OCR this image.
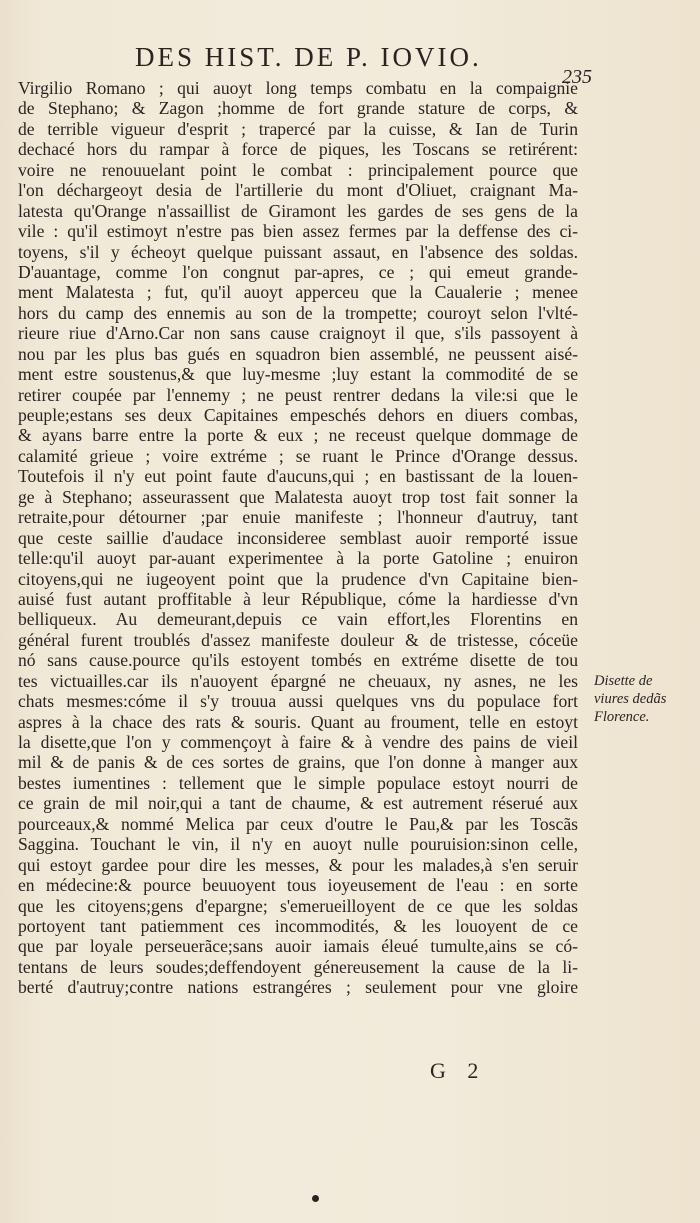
DES HIST. DE P. IOVIO.
235
Virgilio Romano ; qui auoyt long temps combatu en la compaignie
de Stephano; & Zagon ;homme de fort grande stature de corps, &
de terrible vigueur d'esprit ; trapercé par la cuisse, & Ian de Turin
dechacé hors du rampar à force de piques, les Toscans se retirérent:
voire ne renouuelant point le combat : principalement pource que
l'on déchargeoyt desia de l'artillerie du mont d'Oliuet, craignant Ma-
latesta qu'Orange n'assaillist de Giramont les gardes de ses gens de la
vile : qu'il estimoyt n'estre pas bien assez fermes par la deffense des ci-
toyens, s'il y écheoyt quelque puissant assaut, en l'absence des soldas.
D'auantage, comme l'on congnut par-apres, ce ; qui emeut grande-
ment Malatesta ; fut, qu'il auoyt apperceu que la Caualerie ; menee
hors du camp des ennemis au son de la trompette; couroyt selon l'vlté-
rieure riue d'Arno.Car non sans cause craignoyt il que, s'ils passoyent à
nou par les plus bas gués en squadron bien assemblé, ne peussent aisé-
ment estre soustenus,& que luy-mesme ;luy estant la commodité de se
retirer coupée par l'ennemy ; ne peust rentrer dedans la vile:si que le
peuple;estans ses deux Capitaines empeschés dehors en diuers combas,
& ayans barre entre la porte & eux ; ne receust quelque dommage de
calamité grieue ; voire extréme ; se ruant le Prince d'Orange dessus.
Toutefois il n'y eut point faute d'aucuns,qui ; en bastissant de la louen-
ge à Stephano; asseurassent que Malatesta auoyt trop tost fait sonner la
retraite,pour détourner ;par enuie manifeste ; l'honneur d'autruy, tant
que ceste saillie d'audace inconsideree semblast auoir remporté issue
telle:qu'il auoyt par-auant experimentee à la porte Gatoline ; enuiron
citoyens,qui ne iugeoyent point que la prudence d'vn Capitaine bien-
auisé fust autant proffitable à leur République, cóme la hardiesse d'vn
belliqueux. Au demeurant,depuis ce vain effort,les Florentins en
général furent troublés d'assez manifeste douleur & de tristesse, cóceüe
nó sans cause.pource qu'ils estoyent tombés en extréme disette de tou
tes victuailles.car ils n'auoyent épargné ne cheuaux, ny asnes, ne les
chats mesmes:cóme il s'y trouua aussi quelques vns du populace fort
aspres à la chace des rats & souris. Quant au froument, telle en estoyt
la disette,que l'on y commençoyt à faire & à vendre des pains de vieil
mil & de panis & de ces sortes de grains, que l'on donne à manger aux
bestes iumentines : tellement que le simple populace estoyt nourri de
ce grain de mil noir,qui a tant de chaume, & est autrement réserué aux
pourceaux,& nommé Melica par ceux d'outre le Pau,& par les Toscãs
Saggina. Touchant le vin, il n'y en auoyt nulle pouruision:sinon celle,
qui estoyt gardee pour dire les messes, & pour les malades,à s'en seruir
en médecine:& pource beuuoyent tous ioyeusement de l'eau : en sorte
que les citoyens;gens d'epargne; s'emerueilloyent de ce que les soldas
portoyent tant patiemment ces incommodités, & les louoyent de ce
que par loyale perseuerãce;sans auoir iamais éleué tumulte,ains se có-
tentans de leurs soudes;deffendoyent génereusement la cause de la li-
berté d'autruy;contre nations estrangéres ; seulement pour vne gloire
Disette de
viures dedãs
Florence.
G 2
